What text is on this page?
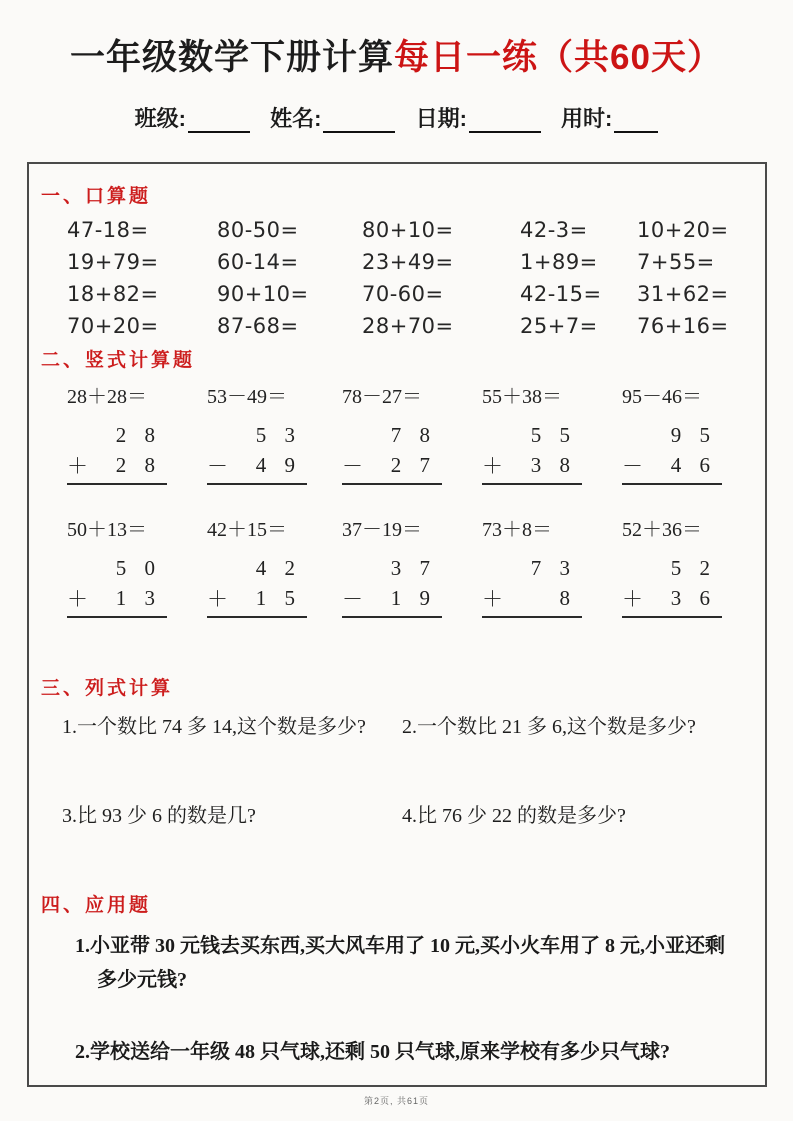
一年级数学下册计算每日一练（共60天）
班级:	姓名:	日期:	用时:
一、口算题
47-18=	80-50=	80+10=	42-3=	10+20=
19+79=	60-14=	23+49=	1+89=	7+55=
18+82=	90+10=	70-60=	42-15=	31+62=
70+20=	87-68=	28+70=	25+7=	76+16=
二、竖式计算题
28＋28＝
2 8
＋	2 8
53－49＝
5 3
－	4 9
78－27＝
7 8
－	2 7
55＋38＝
5 5
＋	3 8
95－46＝
9 5
－	4 6
50＋13＝
5 0
＋	1 3
42＋15＝
4 2
＋	1 5
37－19＝
3 7
－	1 9
73＋8＝
7 3
＋	8
52＋36＝
5 2
＋	3 6
三、列式计算
1.一个数比 74 多 14,这个数是多少?	2.一个数比 21 多 6,这个数是多少?
3.比 93 少 6 的数是几?	4.比 76 少 22 的数是多少?
四、应用题
1.小亚带 30 元钱去买东西,买大风车用了 10 元,买小火车用了 8 元,小亚还剩多少元钱?
2.学校送给一年级 48 只气球,还剩 50 只气球,原来学校有多少只气球?
第2页, 共61页
